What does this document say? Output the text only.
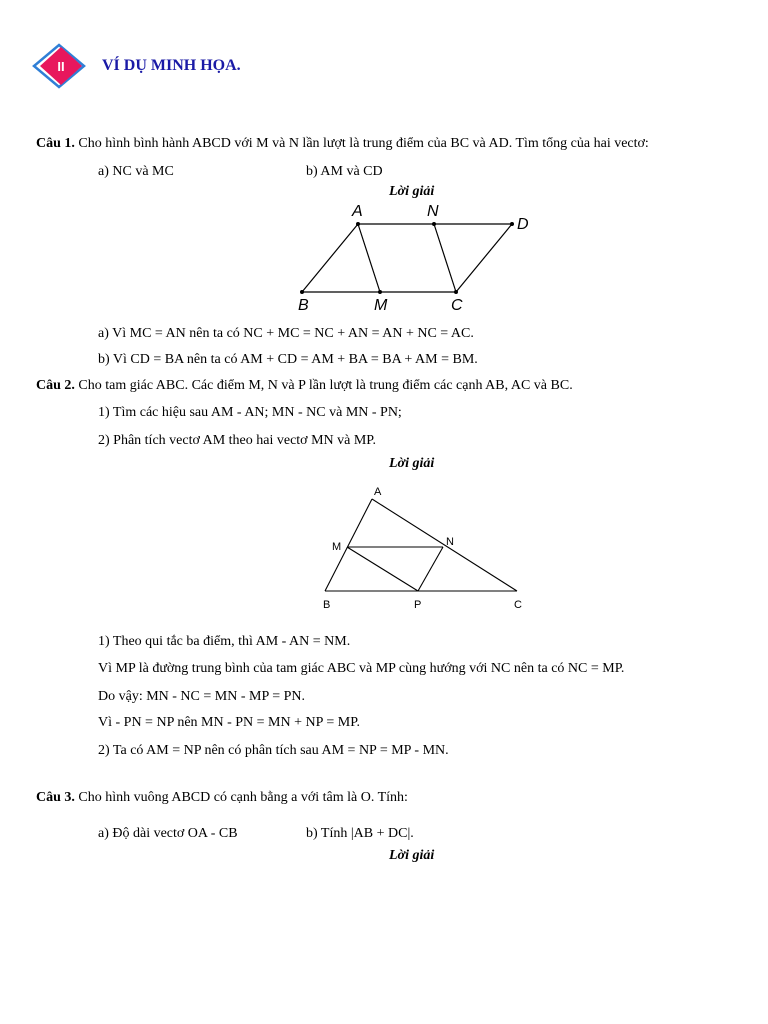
II VÍ DỤ MINH HỌA.
Câu 1. Cho hình bình hành ABCD với M và N lần lượt là trung điểm của BC và AD. Tìm tổng của hai vectơ:
a) NC và MC	b) AM và CD
Lời giải
A	N
D
B	M	C
a) Vì MC = AN nên ta có NC + MC = NC + AN = AN + NC = AC.
b) Vì CD = BA nên ta có AM + CD = AM + BA = BA + AM = BM.
Câu 2. Cho tam giác ABC. Các điểm M, N và P lần lượt là trung điểm các cạnh AB, AC và BC.
1) Tìm các hiệu sau AM - AN; MN - NC và MN - PN;
2) Phân tích vectơ AM theo hai vectơ MN và MP.
Lời giải
A
M	N
B	P	C
1) Theo qui tắc ba điểm, thì AM - AN = NM.
Vì MP là đường trung bình của tam giác ABC và MP cùng hướng với NC nên ta có NC = MP.
Do vậy: MN - NC = MN - MP = PN.
Vì - PN = NP nên MN - PN = MN + NP = MP.
2) Ta có AM = NP nên có phân tích sau AM = NP = MP - MN.
Câu 3. Cho hình vuông ABCD có cạnh bằng a với tâm là O. Tính:
a) Độ dài vectơ OA - CB	b) Tính |AB + DC|.
Lời giải
